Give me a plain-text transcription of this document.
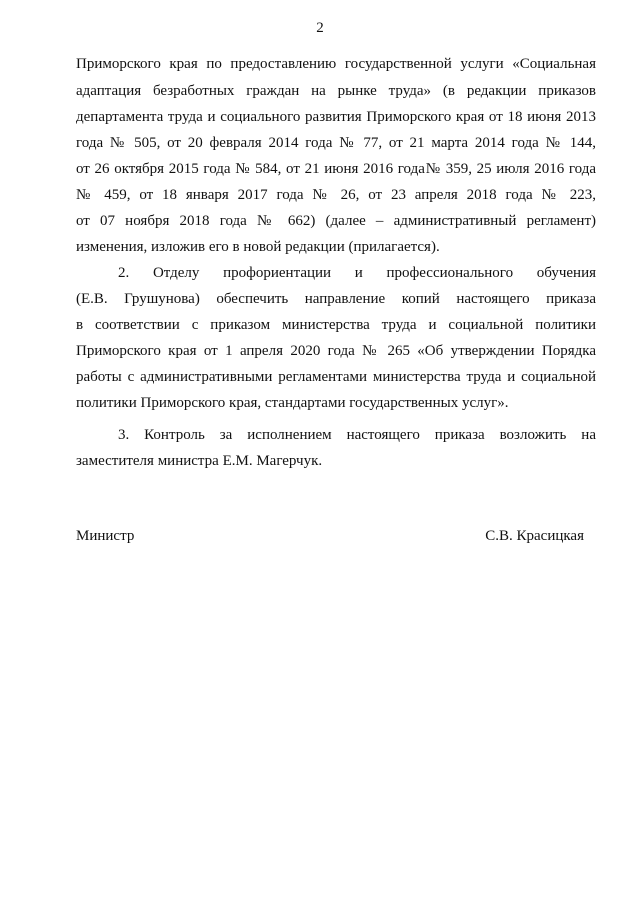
2
Приморского края по предоставлению государственной услуги «Социальная
адаптация безработных граждан на рынке труда» (в редакции приказов
департамента труда и социального развития Приморского края от 18 июня 2013
года № 505, от 20 февраля 2014 года № 77, от 21 марта 2014 года № 144,
от 26 октября 2015 года № 584, от 21 июня 2016 года№ 359, 25 июля 2016 года
№ 459, от 18 января 2017 года № 26, от 23 апреля 2018 года № 223,
от 07 ноября 2018 года № 662) (далее – административный регламент)
изменения, изложив его в новой редакции (прилагается).
2. Отделу профориентации и профессионального обучения
(Е.В. Грушунова) обеспечить направление копий настоящего приказа
в соответствии с приказом министерства труда и социальной политики
Приморского края от 1 апреля 2020 года № 265 «Об утверждении Порядка
работы с административными регламентами министерства труда и социальной
политики Приморского края, стандартами государственных услуг».
3. Контроль за исполнением настоящего приказа возложить на
заместителя министра Е.М. Магерчук.
Министр	С.В. Красицкая
